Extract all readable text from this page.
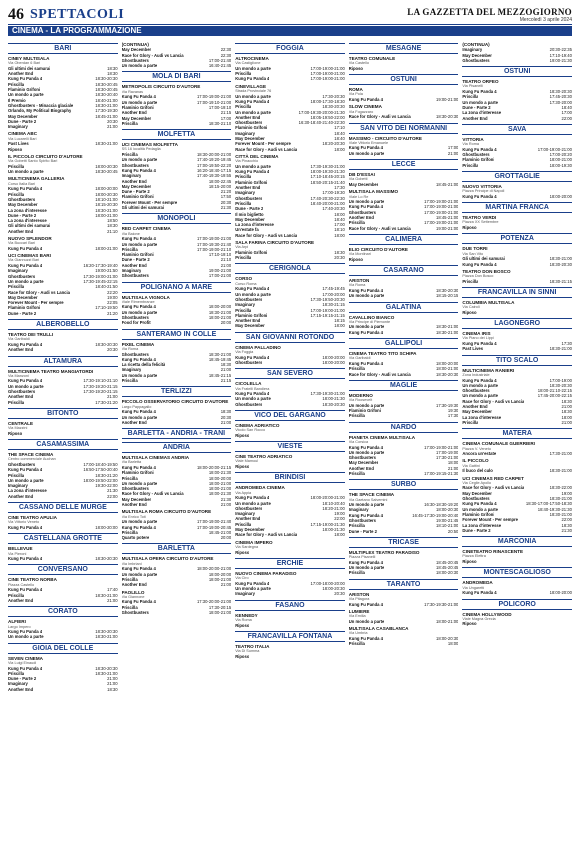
46 SPETTACOLI	LA GAZZETTA DEL MEZZOGIORNO
Mercoledì 3 aprile 2024
CINEMA - LA PROGRAMMAZIONE
BARI
CINEY MULTISALA
Via Oberdan 6 Bari
Gli ultimi dei samurai	18:30
Another End	18:30
Kung Fu Panda 4	18:30-20:30
Priscilla	18:30-20:45
Flaminio Grifoni	18:30-20:45
Un mondo a parte	18:30-20:40
Il Premio	18:40-21:00
Ghostbusters - Minaccia glaciale	18:30-21:00
Orlando, My Political Biography	17:30-19:30
May December	18:45-21:00
Dune - Parte 2	20:30
Imaginary	21:00
CINEMA ABC
Via Lucarelli Bari
Past Lives	18:30-21:00
Riposo
IL PICCOLO CIRCUITO D'AUTORE
Via Gobetti Santo Spirito Bari
Priscilla	18:00-20:30
Un mondo a parte	18:30-20:45
MULTICINEMA GALLERIA
Corso Italia Bari
Kung Fu Panda 4	18:00-20:00
Priscilla	18:00-20:30
Ghostbusters	18:10-21:00
May December	18:15-20:30
La zona d'interesse	18:30-21:00
Dune - Parte 2	18:00-21:00
La zona d'interesse	18:50
Gli ultimi dei samurai	18:30
Another End	21:10
NUOVO SPLENDOR
Via Buccari Bari
Kung Fu Panda 4	18:00-21:00
UCI CINEMAS BARI
Via Giannuzzi Bari
Kung Fu Panda 4	16:20-17:30-19:40
Imaginary	19:00-21:50
Ghostbusters	17:30-19:00-21:00
Un mondo a parte	17:30-19:45-22:15
Priscilla	18:40-21:50
Race for Glory - Audi vs Lancia	22:20
May December	19:00
Forever Mount - Per sempre	22:05
Flaminio Grifoni	17:10-19:50
Dune - Parte 2	21:20
ALBEROBELLO
TEATRO DEI TRULLI
Via Garibaldi
Kung Fu Panda 4	18:30-20:30
Another End	20:30
ALTAMURA
MULTICINEMA TEATRO MANGIATORDI
Via Manzoni
Kung Fu Panda 4	17:30-19:10-21:10
Un mondo a parte	17:30-19:20-21:15
Ghostbusters	17:30-19:20-21:15
Another End	21:00
Priscilla	17:30-21:20
BITONTO
CENTRALE
Via Mazzini
Riposo
CASAMASSIMA
THE SPACE CINEMA
Centro commerciale Auchan
Ghostbusters	17:00-18:40-19:50
Kung Fu Panda 4	16:50-17:50-20:40
Priscilla	18:30-21:20
Un mondo a parte	18:00-19:50-22:00
Imaginary	19:30-22:00
La zona d'interesse	21:30
Another End	22:00
CASSANO DELLE MURGE
CINE TEATRO APULIA
Via Vittorio Veneto
Kung Fu Panda 4	18:00-20:00
CASTELLANA GROTTE
BELLEVUE
Via Pieroni
Kung Fu Panda 4	18:30-20:30
CONVERSANO
CINE TEATRO NORBA
Piazza Castello
Kung Fu Panda 4	17:40
Priscilla	18:30-21:00
Another End	21:00
CORATO
ALFIERI
Largo Impero
Kung Fu Panda 4	18:30-20:30
Un mondo a parte	18:30-21:00
GIOIA DEL COLLE
SEVEN CINEMA
Via Luigi Einaudi
Kung Fu Panda 4	18:30-20:30
Priscilla	18:30-21:00
Dune - Parte 2	21:00
Imaginary	21:00
Another End	18:30
(CONTINUA)
May December	22:30
Race for Glory - Audi vs Lancia	22:30
Ghostbusters	17:00-21:40
Un mondo a parte	16:40-21:45
MOLA DI BARI
METROPOLIS CIRCUITO D'AUTORE
Via Ravanas
Kung Fu Panda 4	17:00-19:00-21:00
Un mondo a parte	17:00-19:10-21:00
Flaminio Grifoni	17:00-19:10
Another End	21:15
May December	17:00
Priscilla	18:30-21:10
MOLFETTA
UCI CINEMAS MOLFETTA
SS 16 località Pedaglia
Priscilla	18:30-20:00-21:00
Un mondo a parte	17:40-19:20-19:45
Ghostbusters	17:00-19:50-22:20
Kung Fu Panda 4	16:20-18:40-17:15
Imaginary	17:40-19:30-19:55
Another End	18:00-22:45
May December	18:15-20:00
Dune - Parte 2	21:20
Flaminio Grifoni	17:50
Forever Mount - Per sempre	20:30
Gli ultimi dei samurai	21:30
MONOPOLI
RED CARPET CINEMA
Via Baione
Kung Fu Panda 4	17:00-19:00-21:00
Un mondo a parte	17:00-19:30-21:40
Priscilla	17:00-19:00-21:10
Flaminio Grifoni	17:10-19:10
Dune - Parte 2	21:10
Another End	21:00
Imaginary	19:00-21:00
Ghostbusters	17:00-21:00
POLIGNANO A MARE
MULTISALA VIGNOLA
Viale Rimembranze
Kung Fu Panda 4	18:00-20:00
Un mondo a parte	18:30-21:00
Ghostbusters	18:00-21:00
Food for Profit	20:00
SANTERAMO IN COLLE
PIXEL CINEMA
Via Roma
Ghostbusters	18:30-21:00
Kung Fu Panda 4	18:45-19:45
La ricetta della felicità	18:30
Imaginary	21:00
Un mondo a parte	18:45-21:15
Priscilla	21:15
TERLIZZI
PICCOLO OSSERVATORIO CIRCUITO D'AUTORE
Largo Pappagallo
Kung Fu Panda 4	18:30
Un mondo a parte	20:30
Another End	21:00
BARLETTA - ANDRIA - TRANI
ANDRIA
MULTISALA CINEMAS ANDRIA
Via Barletta
Kung Fu Panda 4	18:00-20:00-21:15
Flaminio Grifoni	18:00-21:30
Priscilla	18:00-20:00
Un mondo a parte	18:00-21:00
Ghostbusters	18:00-21:00
Race for Glory - Audi vs Lancia	18:00-21:30
May December	21:30
Another End	21:00
MULTISALA ROMA CIRCUITO D'AUTORE
Via Enrico Toti
Un mondo a parte	17:00-19:00-21:40
Kung Fu Panda 4	17:00-19:00-20:45
Priscilla	18:45-21:00
Quarto potere	20:00
BARLETTA
MULTISALA OPERA CIRCUITO D'AUTORE
Via Imbriani
Kung Fu Panda 4	18:00-20:00-21:00
Un mondo a parte	18:00-20:00
Priscilla	18:00-21:00
Another End	21:00
PAOLILLO
Via Giannone
Kung Fu Panda 4	17:30-20:00-21:00
Priscilla	17:30-20:15
Ghostbusters	18:00-21:00
FOGGIA
ALTROCINEMA
Via Castiglione
Un mondo a parte	17:00-19:00-21:00
Priscilla	17:00-19:00-21:00
Kung Fu Panda 4	17:00-19:00-21:00
CINEVILLAGE
Strada Provinciale 76
Un mondo a parte	17:30-20:30
Kung Fu Panda 4	18:00-17:30-18:30
Priscilla	18:30-20:30
Un mondo a parte	17:00-19:30-20:00-21:30
Another End	18:05-19:50-22:00
Ghostbusters	16:30-18:40-21:40-22:30
Flaminio Grifoni	17:10
Imaginary	18:40
May December	18:40
Forever Mount - Per sempre	18:20-20:30
Race for Glory - Audi vs Lancia	18:00
CITTÀ DEL CINEMA
Via Pinacchio
Un mondo a parte	17:30-19:30-21:00
Kung Fu Panda 4	18:00-19:30-21:30
Priscilla	17:10-18:45-20:15
Flaminio Grifoni	18:50-20:15-21:40
Another End	17:30
Imaginary	17:00-19:30
Ghostbusters	17:40-20:30-22:30
Priscilla	18:40-20:00-21:00
Dune - Parte 2	17:40-20:30
Il mio biglietto	18:00
May December	18:40
La zona d'interesse	17:00
Un'estate fa	18:10
Race for Glory - Audi vs Lancia	18:00
SALA FARINA CIRCUITO D'AUTORE
Via Arpi
Flaminio Grifoni	18:30
Priscilla	20:30
CERIGNOLA
CORSO
Corso Roma
Kung Fu Panda 4	17:45-19:45
Un mondo a parte	17:00-20:00
Ghostbusters	17:30-19:50-20:30
Imaginary	18:30-21:15
Priscilla	17:00-19:00-21:00
Flaminio Grifoni	17:15-19:15-21:15
Another End	18:15
May December	18:00
SAN GIOVANNI ROTONDO
CINEMA PALLADINO
Via Foggia
Kung Fu Panda 4	18:00-20:00
Ghostbusters	18:00-20:00
SAN SEVERO
CICOLELLA
Via Fratelli Bandiera
Kung Fu Panda 4	17:30-19:30-21:00
Un mondo a parte	18:00-21:30
Ghostbusters	18:30-20:30
VICO DEL GARGANO
CINEMA ADRIATICO
Vicolo San Rocco
Riposo
VIESTE
CINE TEATRO ADRIATICO
Viale Mamoul
Riposo
BRINDISI
ANDROMEDA CINEMA
Via Appia
Kung Fu Panda 4	18:00-20:00-21:00
Un mondo a parte	18:10-20:40
Ghostbusters	18:20-21:00
Imaginary	19:00
Another End	22:00
Priscilla	17:15-19:00-21:30
May December	18:00-21:30
Race for Glory - Audi vs Lancia	18:00
CINEMA IMPERO
Via Sardegna
Riposo
ERCHIE
NUOVO CINEMA PARADISO
Via Ciro
Kung Fu Panda 4	17:00-18:00-20:00
Un mondo a parte	18:00-20:30
Imaginary	20:30
FASANO
KENNEDY
Via Roma
Riposo
FRANCAVILLA FONTANA
TEATRO ITALIA
Via Di Summa
Riposo
MESAGNE
TEATRO COMUNALE
Via Castello
Riposo
OSTUNI
ROMA
Via Pola
Kung Fu Panda 4	19:00-21:00
SLOW CINEMA
Via Fogazzaro
Race for Glory - Audi vs Lancia	18:30-20:30
SAN VITO DEI NORMANNI
MASSIMO - CIRCUITO D'AUTORE
Viale Vittorio Emanuele
Kung Fu Panda 4	17:00
Un mondo a parte	21:00
LECCE
DB D'ESSAI
Via Gobetti
May December	18:45-21:00
MULTISALA MASSIMO
Viale Lo Re
Un mondo a parte	17:00-19:00-21:00
Kung Fu Panda 4	17:00-19:00-21:00
Ghostbusters	17:00-19:00-21:00
Another End	18:45-21:00
Priscilla	17:00-19:00-21:00
Race for Glory - Audi vs Lancia	19:00-21:00
CALIMERA
ELIO CIRCUITO D'AUTORE
Via Montinari
Riposo
CASARANO
ARISTON
Via Roma
Kung Fu Panda 4	18:30-20:30
Un mondo a parte	18:15-20:15
GALATINA
CAVALLINO BIANCO
Via Principe di Piemonte
Un mondo a parte	18:30-21:00
Kung Fu Panda 4	18:30-21:00
GALLIPOLI
CINEMA TEATRO TITO SCHIPA
Via Garibaldi
Kung Fu Panda 4	18:00-20:00
Priscilla	18:00-21:00
Race for Glory - Audi vs Lancia	18:30-20:30
MAGLIE
MODERNO
Via Roosevelt
Un mondo a parte	17:30-19:30
Flaminio Grifoni	19:30
Priscilla	17:30
NARDÒ
PIANETA CINEMA MULTISALA
Via Corsica
Kung Fu Panda 4	17:00-19:00-21:00
Un mondo a parte	17:00-19:00
Ghostbusters	17:30-21:00
May December	18:00
Another End	21:00
Priscilla	17:00-19:15-21:30
SURBO
THE SPACE CINEMA
Via Gaetano Salvemini
Un mondo a parte	16:30-18:30-19:20
Imaginary	18:00-20:30
Kung Fu Panda 4	16:45-17:30-19:00-20:40
Ghostbusters	19:00-21:45
Priscilla	18:10-21:00
Dune - Parte 2	20:50
TRICASE
MULTIPLEX TEATRO PARADISO
Piazza Pisanelli
Kung Fu Panda 4	18:45-20:45
Un mondo a parte	18:45-20:45
Priscilla	18:00-20:30
TARANTO
ARISTON
Via Pitagora
Kung Fu Panda 4	17:30-19:30-21:00
LUMIERE
Via Emilia
Un mondo a parte	18:00-21:00
MULTISALA CASABLANCA
Via Umbria
Kung Fu Panda 4	18:00-20:30
Priscilla	18:00
(CONTINUA)
Imaginary	20:30-22:35
May December	17:10-19:40
Ghostbusters	19:00-21:30
OSTUNI
TEATRO ORFEO
Via Pisanelli
Kung Fu Panda 4	18:30-20:30
Priscilla	17:45-20:30
Un mondo a parte	17:30-20:00
Dune - Parte 2	18:40
La zona d'interesse	17:00
Another End	22:00
SAVA
VITTORIA
Via Roma
Kung Fu Panda 4	17:00-19:00-21:00
Ghostbusters	17:00-20:20
Flaminio Grifoni	18:00-21:00
Priscilla	18:00-19:30
GROTTAGLIE
NUOVO VITTORIA
Piazza Principe di Napoli
Kung Fu Panda 4	18:00-20:00
MARTINA FRANCA
TEATRO VERDI
Piazza XX Settembre
Riposo
POTENZA
DUE TORRI
Via San Vito
Gli ultimi dei samurai	18:30-21:00
Kung Fu Panda 4	18:30-20:30
TEATRO DON BOSCO
Piazza Don Bosco
Priscilla	18:30-21:15
FRANCAVILLA IN SINNI
COLUMBIA MULTISALA
Via Cairoli
Riposo
LAGONEGRO
CINEMA IRIS
Via Piano dei Lippi
Kung Fu Panda 4	17:30
Past Lives	18:30-21:00
TITO SCALO
MULTICINEMA RANIERI
Zona Industriale
Kung Fu Panda 4	17:00-19:00
Un mondo a parte	18:30-20:30
Ghostbusters	18:00-21:10-22:15
Un mondo a parte	17:45-20:00-22:15
Race for Glory - Audi vs Lancia	18:30
Another End	21:00
May December	18:30
La zona d'interesse	18:00
Priscilla	21:00
MATERA
CINEMA COMUNALE GUERRIERI
Piazza V. Veneto
Ancora un'estate	17:30-21:00
IL PICCOLO
Via Gattini
Il buco del culo	18:30-21:00
UCI CINEMAS RED CARPET
Via Ceglie Apollo
Race for Glory - Audi vs Lancia	18:30-22:00
May December	19:00
Ghostbusters	18:30-21:00
Kung Fu Panda 4	18:30-17:00-17:50-18:30
Un mondo a parte	18:40-19:30-21:30
Flaminio Grifoni	18:30-21:00
Forever Mount - Per sempre	22:00
La zona d'interesse	18:30
Dune - Parte 2	21:30
MARCONIA
CINETEATRO RINASCENTE
Piazza Elettra
Riposo
MONTESCAGLIOSO
ANDROMEDA
Via Ungaretti
Kung Fu Panda 4	18:00-20:00
POLICORO
CINEMA HOLLYWOOD
Viale Magna Grecia
Riposo
